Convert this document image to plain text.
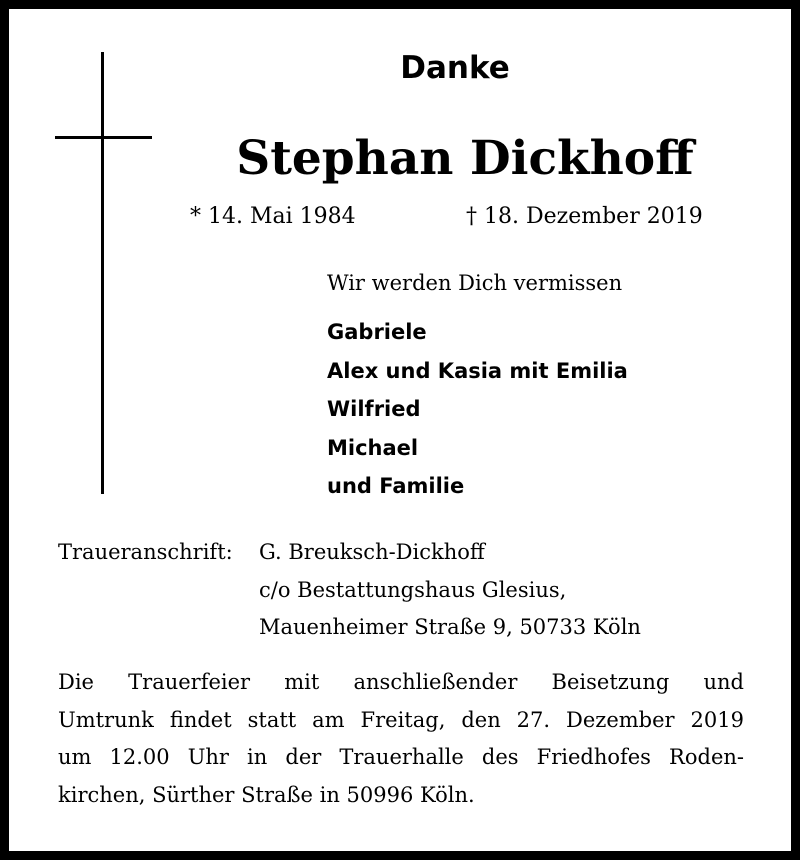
Danke
Stephan Dickhoff
* 14. Mai 1984	† 18. Dezember 2019
Wir werden Dich vermissen
Gabriele
Alex und Kasia mit Emilia
Wilfried
Michael
und Familie
Traueranschrift: G. Breuksch-Dickhoff
c/o Bestattungshaus Glesius,
Mauenheimer Straße 9, 50733 Köln
Die Trauerfeier mit anschließender Beisetzung und
Umtrunk findet statt am Freitag, den 27. Dezember 2019
um 12.00 Uhr in der Trauerhalle des Friedhofes Roden-
kirchen, Sürther Straße in 50996 Köln.
